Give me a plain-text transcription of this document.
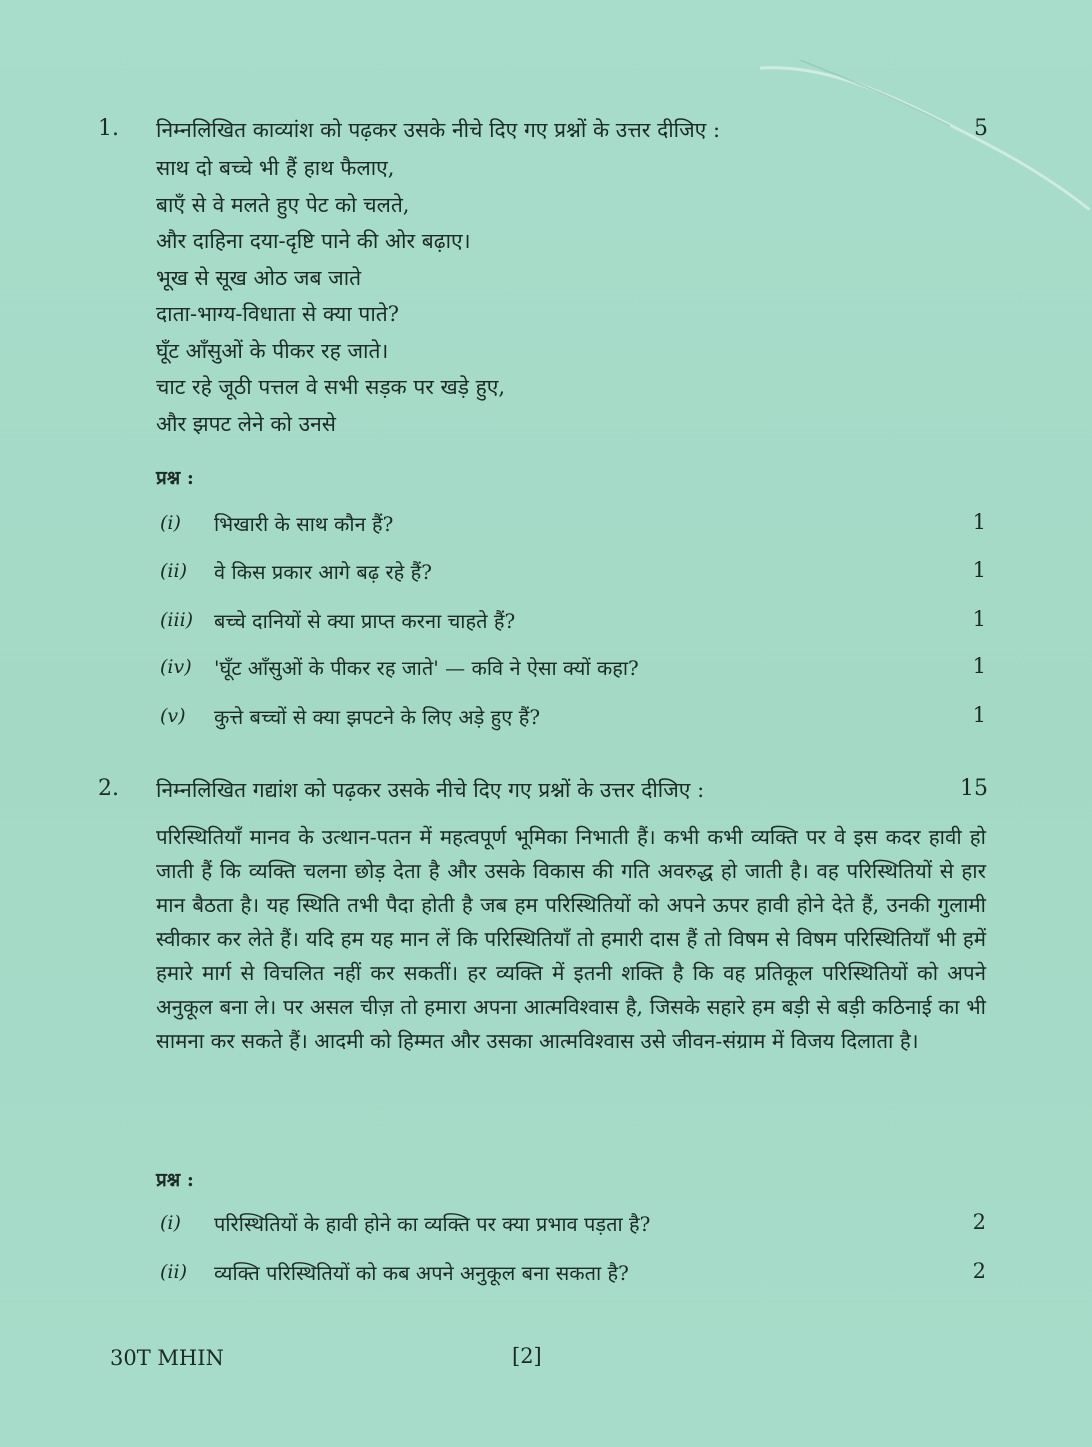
1. निम्नलिखित काव्यांश को पढ़कर उसके नीचे दिए गए प्रश्नों के उत्तर दीजिए :	5
साथ दो बच्चे भी हैं हाथ फैलाए,
बाएँ से वे मलते हुए पेट को चलते,
और दाहिना दया-दृष्टि पाने की ओर बढ़ाए।
भूख से सूख ओठ जब जाते
दाता-भाग्य-विधाता से क्या पाते?
घूँट आँसुओं के पीकर रह जाते।
चाट रहे जूठी पत्तल वे सभी सड़क पर खड़े हुए,
और झपट लेने को उनसे
प्रश्न :
(i) भिखारी के साथ कौन हैं?	1
(ii) वे किस प्रकार आगे बढ़ रहे हैं?	1
(iii) बच्चे दानियों से क्या प्राप्त करना चाहते हैं?	1
(iv) 'घूँट आँसुओं के पीकर रह जाते' — कवि ने ऐसा क्यों कहा?	1
(v) कुत्ते बच्चों से क्या झपटने के लिए अड़े हुए हैं?	1
2. निम्नलिखित गद्यांश को पढ़कर उसके नीचे दिए गए प्रश्नों के उत्तर दीजिए :	15
परिस्थितियाँ मानव के उत्थान-पतन में महत्वपूर्ण भूमिका निभाती हैं। कभी कभी व्यक्ति पर वे इस कदर हावी हो जाती हैं कि व्यक्ति चलना छोड़ देता है और उसके विकास की गति अवरुद्ध हो जाती है। वह परिस्थितियों से हार मान बैठता है। यह स्थिति तभी पैदा होती है जब हम परिस्थितियों को अपने ऊपर हावी होने देते हैं, उनकी गुलामी स्वीकार कर लेते हैं। यदि हम यह मान लें कि परिस्थितियाँ तो हमारी दास हैं तो विषम से विषम परिस्थितियाँ भी हमें हमारे मार्ग से विचलित नहीं कर सकतीं। हर व्यक्ति में इतनी शक्ति है कि वह प्रतिकूल परिस्थितियों को अपने अनुकूल बना ले। पर असल चीज़ तो हमारा अपना आत्मविश्वास है, जिसके सहारे हम बड़ी से बड़ी कठिनाई का भी सामना कर सकते हैं। आदमी को हिम्मत और उसका आत्मविश्वास उसे जीवन-संग्राम में विजय दिलाता है।
प्रश्न :
(i) परिस्थितियों के हावी होने का व्यक्ति पर क्या प्रभाव पड़ता है?	2
(ii) व्यक्ति परिस्थितियों को कब अपने अनुकूल बना सकता है?	2
30T MHIN	[2]
